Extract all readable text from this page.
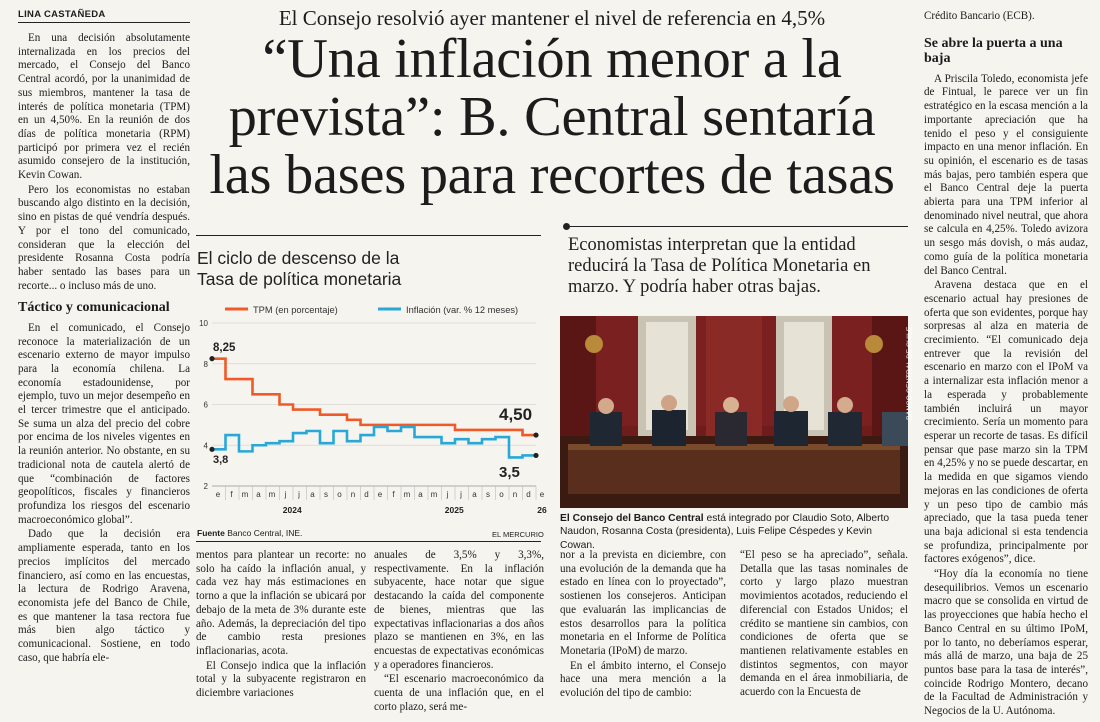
LINA CASTAÑEDA	El Consejo resolvió ayer mantener el nivel de referencia en 4,5%
“Una inflación menor a la
prevista”: B. Central sentaría
las bases para recortes de tasas

En una decisión absolutamente internalizada en los precios del mercado, el Consejo del Banco Central acordó, por la unanimidad de sus miembros, mantener la tasa de interés de política monetaria (TPM) en un 4,50%. En la reunión de dos días de política monetaria (RPM) participó por primera vez el recién asumido consejero de la institución, Kevin Cowan.

Pero los economistas no estaban buscando algo distinto en la decisión, sino en pistas de qué vendría después. Y por el tono del comunicado, consideran que la elección del presidente Rosanna Costa podría haber sentado las bases para un recorte... o incluso más de uno.

Táctico y comunicacional

En el comunicado, el Consejo reconoce la materialización de un escenario externo de mayor impulso para la economía chilena. La economía estadounidense, por ejemplo, tuvo un mejor desempeño en el tercer trimestre que el anticipado. Se suma un alza del precio del cobre por encima de los niveles vigentes en la reunión anterior. No obstante, en su tradicional nota de cautela alertó de que “combinación de factores geopolíticos, fiscales y financieros profundiza los riesgos del escenario macroeconómico global”.

Dado que la decisión era ampliamente esperada, tanto en los precios implícitos del mercado financiero, así como en las encuestas, la lectura de Rodrigo Aravena, economista jefe del Banco de Chile, es que mantener la tasa rectora fue más bien algo táctico y comunicacional. Sostiene, en todo caso, que habría ele-

El ciclo de descenso de la
Tasa de política monetaria
TPM (en porcentaje)	Inflación (var. % 12 meses)
2
4
6
8
10
e f m a m j j a s o n d e f m a m j j a s o n d e
2024	2025	26
8,25
4,50
3,8
3,5
Fuente Banco Central, INE.	EL MERCURIO
Economistas interpretan que la entidad
reducirá la Tasa de Política Monetaria en
marzo. Y podría haber otras bajas.
BANCO CENTRAL DE CHILE
El Consejo del Banco Central está integrado por Claudio Soto, Alberto Naudon, Rosanna Costa (presidenta), Luis Felipe Céspedes y Kevin Cowan.

mentos para plantear un recorte: no solo ha caído la inflación anual, y cada vez hay más estimaciones en torno a que la inflación se ubicará por debajo de la meta de 3% durante este año. Además, la depreciación del tipo de cambio resta presiones inflacionarias, acota.

El Consejo indica que la inflación total y la subyacente registraron en diciembre variaciones

anuales de 3,5% y 3,3%, respectivamente. En la inflación subyacente, hace notar que sigue destacando la caída del componente de bienes, mientras que las expectativas inflacionarias a dos años plazo se mantienen en 3%, en las encuestas de expectativas económicas y a operadores financieros.

“El escenario macroeconómico da cuenta de una inflación que, en el corto plazo, será me-

nor a la prevista en diciembre, con una evolución de la demanda que ha estado en línea con lo proyectado”, sostienen los consejeros. Anticipan que evaluarán las implicancias de estos desarrollos para la política monetaria en el Informe de Política Monetaria (IPoM) de marzo.

En el ámbito interno, el Consejo hace una mera mención a la evolución del tipo de cambio:

“El peso se ha apreciado”, señala. Detalla que las tasas nominales de corto y largo plazo muestran movimientos acotados, reduciendo el diferencial con Estados Unidos; el crédito se mantiene sin cambios, con condiciones de oferta que se mantienen relativamente estables en distintos segmentos, con mayor demanda en el área inmobiliaria, de acuerdo con la Encuesta de

Crédito Bancario (ECB).

Se abre la puerta a una baja

A Priscila Toledo, economista jefe de Fintual, le parece ver un fin estratégico en la escasa mención a la importante apreciación que ha tenido el peso y el consiguiente impacto en una menor inflación. En su opinión, el escenario es de tasas más bajas, pero también espera que el Banco Central deje la puerta abierta para una TPM inferior al denominado nivel neutral, que ahora se calcula en 4,25%. Toledo avizora un sesgo más dovish, o más audaz, como guía de la política monetaria del Banco Central.

Aravena destaca que en el escenario actual hay presiones de oferta que son evidentes, porque hay sorpresas al alza en materia de crecimiento. “El comunicado deja entrever que la revisión del escenario en marzo con el IPoM va a internalizar esta inflación menor a la esperada y probablemente también incluirá un mayor crecimiento. Sería un momento para esperar un recorte de tasas. Es difícil pensar que pase marzo sin la TPM en 4,25% y no se puede descartar, en la medida en que sigamos viendo mejoras en las condiciones de oferta y un peso tipo de cambio más apreciado, que la tasa pueda tener una baja adicional si esta tendencia se profundiza, principalmente por factores exógenos”, dice.

“Hoy día la economía no tiene desequilibrios. Vemos un escenario macro que se consolida en virtud de las proyecciones que había hecho el Banco Central en su último IPoM, por lo tanto, no deberíamos esperar, más allá de marzo, una baja de 25 puntos base para la tasa de interés”, coincide Rodrigo Montero, decano de la Facultad de Administración y Negocios de la U. Autónoma.
